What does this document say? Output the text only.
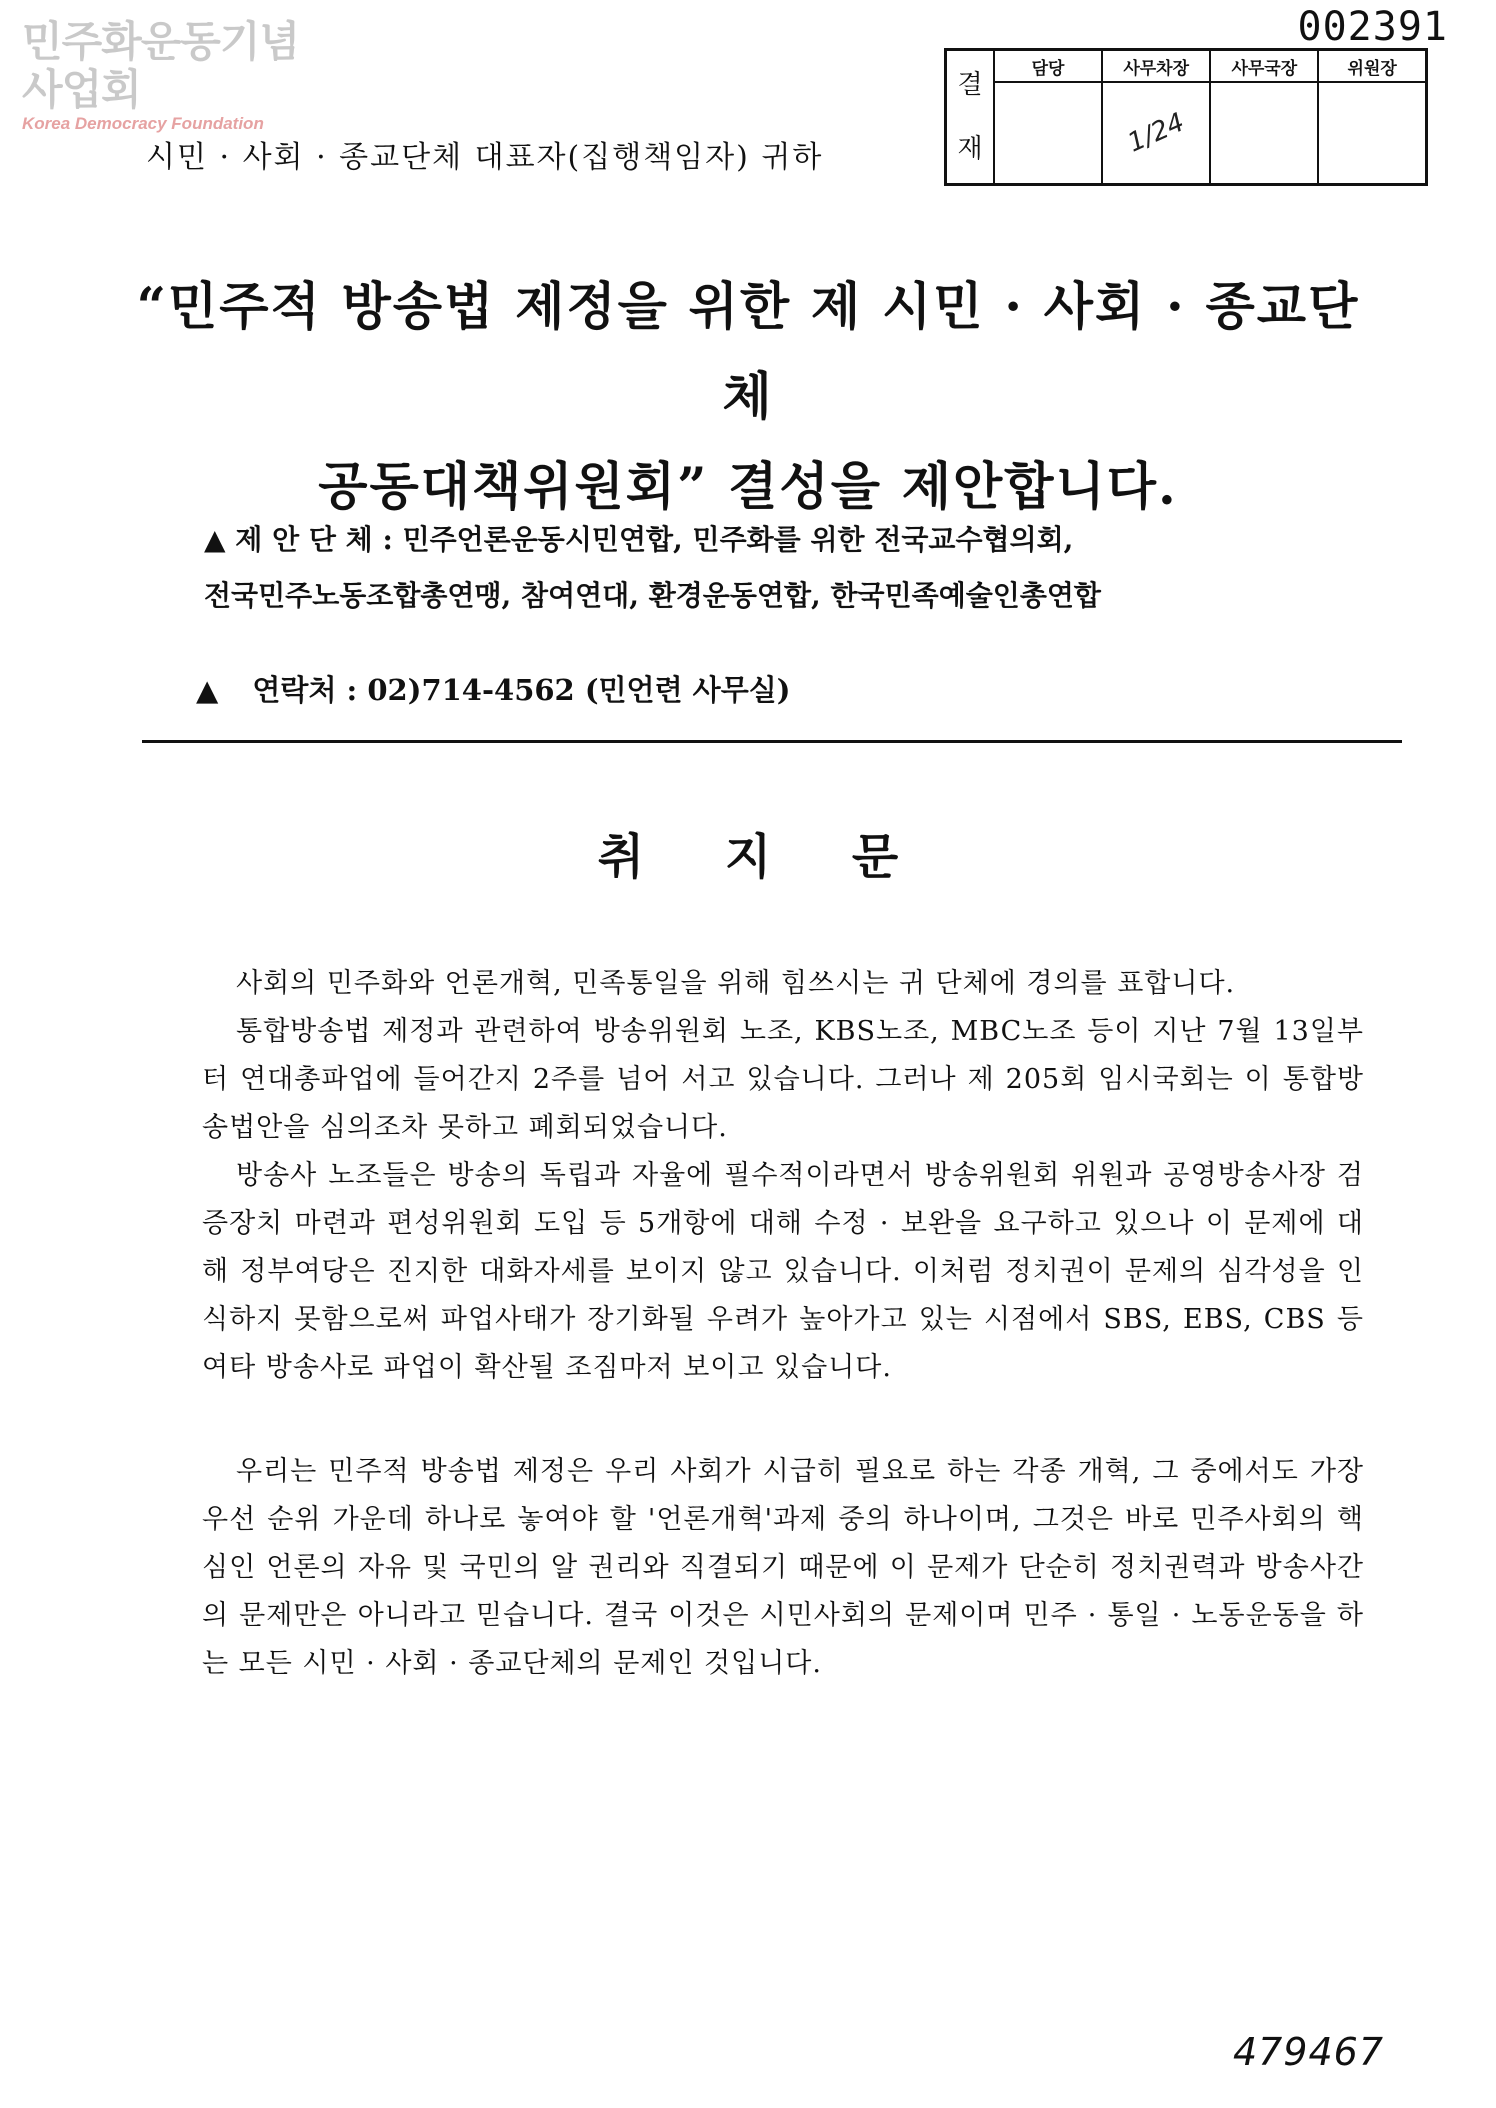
민주화운동기념사업회
Korea Democracy Foundation
002391
시민 · 사회 · 종교단체 대표자(집행책임자) 귀하
결재	담당	사무차장	사무국장	위원장
		1/24		
“민주적 방송법 제정을 위한 제 시민 · 사회 · 종교단체
공동대책위원회” 결성을 제안합니다.
▲ 제 안 단 체 : 민주언론운동시민연합, 민주화를 위한 전국교수협의회,
전국민주노동조합총연맹, 참여연대, 환경운동연합, 한국민족예술인총연합
▲ 연락처 : 02)714-4562 (민언련 사무실)
취 지 문

사회의 민주화와 언론개혁, 민족통일을 위해 힘쓰시는 귀 단체에 경의를 표합니다.

통합방송법 제정과 관련하여 방송위원회 노조, KBS노조, MBC노조 등이 지난 7월 13일부터 연대총파업에 들어간지 2주를 넘어 서고 있습니다. 그러나 제 205회 임시국회는 이 통합방송법안을 심의조차 못하고 폐회되었습니다.

방송사 노조들은 방송의 독립과 자율에 필수적이라면서 방송위원회 위원과 공영방송사장 검증장치 마련과 편성위원회 도입 등 5개항에 대해 수정 · 보완을 요구하고 있으나 이 문제에 대해 정부여당은 진지한 대화자세를 보이지 않고 있습니다. 이처럼 정치권이 문제의 심각성을 인식하지 못함으로써 파업사태가 장기화될 우려가 높아가고 있는 시점에서 SBS, EBS, CBS 등 여타 방송사로 파업이 확산될 조짐마저 보이고 있습니다.

우리는 민주적 방송법 제정은 우리 사회가 시급히 필요로 하는 각종 개혁, 그 중에서도 가장 우선 순위 가운데 하나로 놓여야 할 '언론개혁'과제 중의 하나이며, 그것은 바로 민주사회의 핵심인 언론의 자유 및 국민의 알 권리와 직결되기 때문에 이 문제가 단순히 정치권력과 방송사간의 문제만은 아니라고 믿습니다. 결국 이것은 시민사회의 문제이며 민주 · 통일 · 노동운동을 하는 모든 시민 · 사회 · 종교단체의 문제인 것입니다.

479467
